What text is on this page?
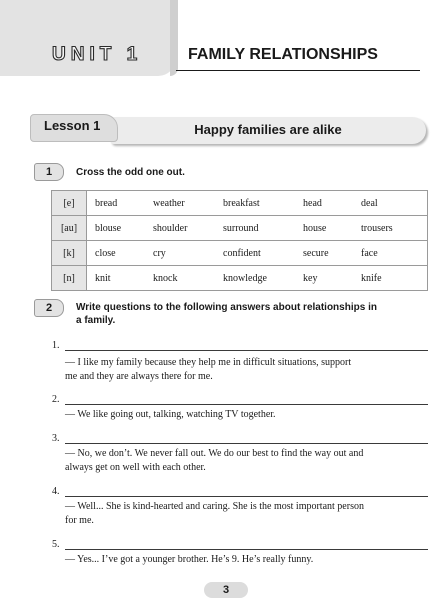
UNIT 1	FAMILY RELATIONSHIPS
Lesson 1	Happy families are alike
1	Cross the odd one out.
[e]	bread	weather	breakfast	head	deal
[au]	blouse	shoulder	surround	house	trousers
[k]	close	cry	confident	secure	face
[n]	knit	knock	knowledge	key	knife
2	Write questions to the following answers about relationships in
a family.
1.
— I like my family because they help me in difficult situations, support
me and they are always there for me.
2.
— We like going out, talking, watching TV together.
3.
— No, we don’t. We never fall out. We do our best to find the way out and
always get on well with each other.
4.
— Well... She is kind-hearted and caring. She is the most important person
for me.
5.
— Yes... I’ve got a younger brother. He’s 9. He’s really funny.
3
